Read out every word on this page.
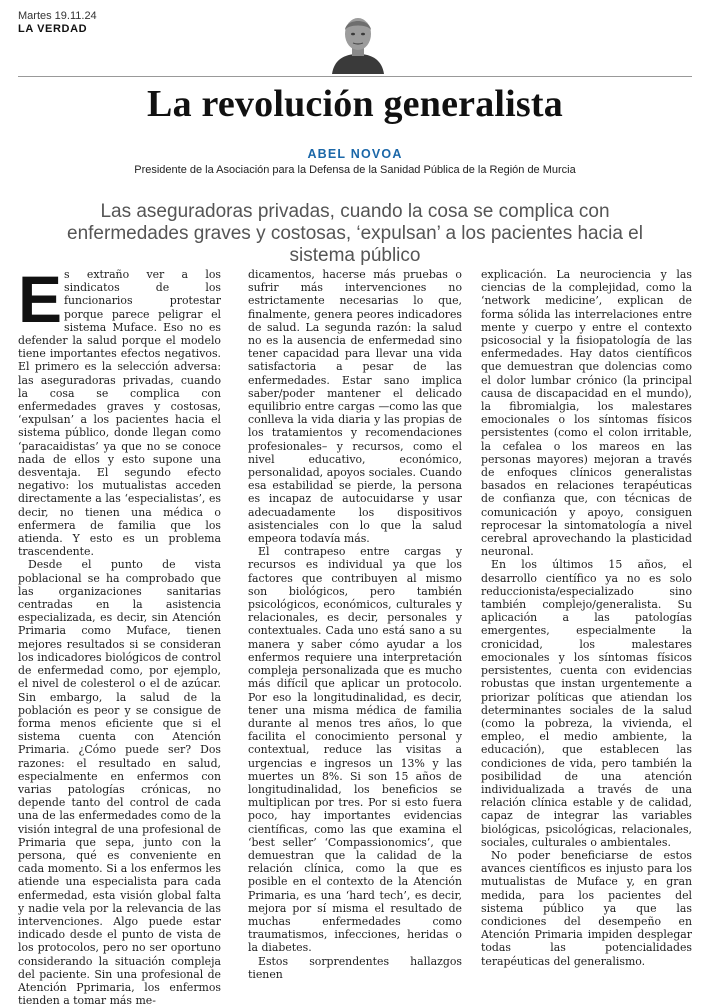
Martes 19.11.24
LA VERDAD
La revolución generalista
ABEL NOVOA
Presidente de la Asociación para la Defensa de la Sanidad Pública de la Región de Murcia
Las aseguradoras privadas, cuando la cosa se complica con enfermedades graves y costosas, ‘expulsan’ a los pacientes hacia el sistema público

Es extraño ver a los sindicatos de los funcionarios protestar porque parece peligrar el sistema Muface. Eso no es defender la salud porque el modelo tiene importantes efectos negativos. El primero es la selección adversa: las aseguradoras privadas, cuando la cosa se complica con enfermedades graves y costosas, ‘expulsan’ a los pacientes hacia el sistema público, donde llegan como ‘paracaidistas’ ya que no se conoce nada de ellos y esto supone una desventaja. El segundo efecto negativo: los mutualistas acceden directamente a las ‘especialistas’, es decir, no tienen una médica o enfermera de familia que los atienda. Y esto es un problema trascendente.

Desde el punto de vista poblacional se ha comprobado que las organizaciones sanitarias centradas en la asistencia especializada, es decir, sin Atención Primaria como Muface, tienen mejores resultados si se consideran los indicadores biológicos de control de enfermedad como, por ejemplo, el nivel de colesterol o el de azúcar. Sin embargo, la salud de la población es peor y se consigue de forma menos eficiente que si el sistema cuenta con Atención Primaria. ¿Cómo puede ser? Dos razones: el resultado en salud, especialmente en enfermos con varias patologías crónicas, no depende tanto del control de cada una de las enfermedades como de la visión integral de una profesional de Primaria que sepa, junto con la persona, qué es conveniente en cada momento. Si a los enfermos les atiende una especialista para cada enfermedad, esta visión global falta y nadie vela por la relevancia de las intervenciones. Algo puede estar indicado desde el punto de vista de los protocolos, pero no ser oportuno considerando la situación compleja del paciente. Sin una profesional de Atención Pprimaria, los enfermos tienden a tomar más me-

dicamentos, hacerse más pruebas o sufrir más intervenciones no estrictamente necesarias lo que, finalmente, genera peores indicadores de salud. La segunda razón: la salud no es la ausencia de enfermedad sino tener capacidad para llevar una vida satisfactoria a pesar de las enfermedades. Estar sano implica saber/poder mantener el delicado equilibrio entre cargas —como las que conlleva la vida diaria y las propias de los tratamientos y recomendaciones profesionales– y recursos, como el nivel educativo, económico, personalidad, apoyos sociales. Cuando esa estabilidad se pierde, la persona es incapaz de autocuidarse y usar adecuadamente los dispositivos asistenciales con lo que la salud empeora todavía más.

El contrapeso entre cargas y recursos es individual ya que los factores que contribuyen al mismo son biológicos, pero también psicológicos, económicos, culturales y relacionales, es decir, personales y contextuales. Cada uno está sano a su manera y saber cómo ayudar a los enfermos requiere una interpretación compleja personalizada que es mucho más difícil que aplicar un protocolo. Por eso la longitudinalidad, es decir, tener una misma médica de familia durante al menos tres años, lo que facilita el conocimiento personal y contextual, reduce las visitas a urgencias e ingresos un 13% y las muertes un 8%. Si son 15 años de longitudinalidad, los beneficios se multiplican por tres. Por si esto fuera poco, hay importantes evidencias científicas, como las que examina el ‘best seller’ ‘Compassionomics’, que demuestran que la calidad de la relación clínica, como la que es posible en el contexto de la Atención Primaria, es una ‘hard tech’, es decir, mejora por sí misma el resultado de muchas enfermedades como traumatismos, infecciones, heridas o la diabetes.

Estos sorprendentes hallazgos tienen

explicación. La neurociencia y las ciencias de la complejidad, como la ‘network medicine’, explican de forma sólida las interrelaciones entre mente y cuerpo y entre el contexto psicosocial y la fisiopatología de las enfermedades. Hay datos científicos que demuestran que dolencias como el dolor lumbar crónico (la principal causa de discapacidad en el mundo), la fibromialgia, los malestares emocionales o los síntomas físicos persistentes (como el colon irritable, la cefalea o los mareos en las personas mayores) mejoran a través de enfoques clínicos generalistas basados en relaciones terapéuticas de confianza que, con técnicas de comunicación y apoyo, consiguen reprocesar la sintomatología a nivel cerebral aprovechando la plasticidad neuronal.

En los últimos 15 años, el desarrollo científico ya no es solo reduccionista/especializado sino también complejo/generalista. Su aplicación a las patologías emergentes, especialmente la cronicidad, los malestares emocionales y los síntomas físicos persistentes, cuenta con evidencias robustas que instan urgentemente a priorizar políticas que atiendan los determinantes sociales de la salud (como la pobreza, la vivienda, el empleo, el medio ambiente, la educación), que establecen las condiciones de vida, pero también la posibilidad de una atención individualizada a través de una relación clínica estable y de calidad, capaz de integrar las variables biológicas, psicológicas, relacionales, sociales, culturales o ambientales.

No poder beneficiarse de estos avances científicos es injusto para los mutualistas de Muface y, en gran medida, para los pacientes del sistema público ya que las condiciones del desempeño en Atención Primaria impiden desplegar todas las potencialidades terapéuticas del generalismo.
